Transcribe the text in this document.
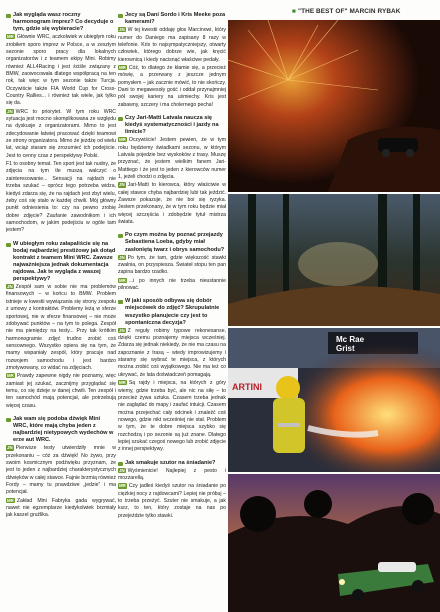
■ "THE BEST OF" MARCIN RYBAK
Jak wygląda wasz roczny harmonogram imprez? Co decyduje o tym, gdzie się wybieracie?
MR Głównie WRC, aczkolwiek w ubiegłym roku zrobiłem sporo imprez w Polsce, a w zeszłym sezonie sporo pracy dla lokalnych organizatorów i z teamem ekipy Mini. Robimy również ALL4Racing i jest ściśle związany z BMW, zaowocowała dlatego współpracą na ten rok, tak więc w tym sezonie także Turcja. Oczywiście także FIA World Cup for Cross-Country Rallies... i również tak wiele, jak tylko się da.
JN WRC to priorytet. W tym roku WRC sytuacja jest mocno skomplikowana ze względu na dyskusje z organizatorami. Mimo to jest zdecydowanie łatwiej pracować dzięki teamowi ze strony organizatora. Mimo że jeżdżę od wielu lat, wciąż staram się zrozumieć ich podejście. Jest to cenny czas z perspektywy Polski.
F1 to osobny temat. Ten sport jest tak nudny, że zdjęcia na tym tle muszą walczyć o zainteresowanie... Sensacji na rajdach nie trzeba szukać – oprócz tego potrzeba widza, kiedyś zdarza się, że na rajdach jest zbyt wielu, żeby coś się stało w każdej chwili. Mój główny punkt odniesienia to: czy na pewno zrobię dobre zdjęcie? Zaufanie zawodnikom i ich samochodom, w jakim podejściu w ogóle tam jestem?
W ubiegłym roku załapaliście się na bodaj najbardziej prestiżowy jak dotąd kontrakt z teamem Mini WRC. Zawsze najważniejsza jednak dokumentacja rajdowa. Jak te wygląda z waszej perspektywy?
JN Zespół sam w sobie nie ma problemów finansowych – w końcu to BMW. Problem istnieje w kwestii wywiązania się strony zespołu z umowy z kontraktów. Problemy leżą w sferze sportowej, nie w sferze finansowej – nie może zdobywać punktów – na tym to polega. Zespół nie ma pieniędzy na testy... Przy tak krótkim harmonogramie zdjęć trudno zrobić coś sensownego. Wszystko opiera się na tym, że mamy wspaniały zespół, który pracuje nad rozwojem samochodu i jest bardzo zmotywowany, co widać na zdjęciach.
MR Prawdy zapewne nigdy nie poznamy, więc zamiast jej szukać, zacznijmy przyglądać się temu, co się dzieje w danej chwili. Ten zespół i ten samochód mają potencjał, ale potrzebują więcej czasu.
Jak wam się podoba dźwięk Mini WRC, które mają chyba jeden z najbardziej nietypowych wydechów w erze aut WRC.
JN Pierwsze testy utwierdziły mnie w przekonaniu – cóż za dźwięk! No żywo, przy swoim kosmicznym podźwięku przyznam, że jest to jeden z najbardziej charakterystycznych dźwięków w całej stawce. Fajnie brzmią również Fordy – mamy tu prawdziwe „jedzie” i ma potencjał.
MR Zakład Mini Fabryka gada wygrywać, nawet nie egzemplarze kiedykolwiek brzmiały jak kaszel gruźlika.
Jecy są Dani Sordo i Kris Meeke poza kamerami?
JN W tej kwestii oddaję głos Marcinowi, który numer do Daniego ma zapisany 8 razy w telefonie. Kris to najsympatyczniejszy, otwarty człowiek, którego dobrze wie, jak kręcić kierownicą i kiedy nacisnąć właściwe pedały.
MR Cóż, to dlatego że kłamie się, a przecież mówię, a przerwany z jeszcze jednym pomysłem – jak zacznie mówić, to nie skończy. Dani to megawesoły gość i oddał przynajmniej pół swojej kariery na uśmiechy. Kris jest zabawny, szczery i ma cholernego pecha!
Czy Jari-Matti Latvala naucza się kiedyś systematyczności i jazdy na limicie?
MR Oczywiście! Jestem pewien, że w tym roku będziemy świadkami sezonu, w którym Latvala pojedzie bez wyskoków z trasy. Muszę przyznać, że jestem wielkim fanem Jari-Mattiego i że jest to jeden z kierowców numer 1, jeżeli chodzi o zdjęcia.
JN Jari-Matti to kierowca, który właściwie w całej stawce chyba najbardziej lubi tak jeździć. Zawsze pokazuje, że nie boi się ryzyka. Jestem przekonany, że w tym roku będzie miał więcej szczęścia i zdobędzie tytuł mistrza świata.
Po czym można by poznać przejazdy Sebastiena Loeba, gdyby miał zasłoniętą twarz i obrys samochodu?
JN Po tym, że tam, gdzie większość stawki zwalnia, on przyspiesza. Świateł stopu ten pan zapina bardzo rzadko.
MR ...i po innych nie trzeba nieustannie pilnować.
W jaki sposób odbywa się dobór miejscówek do zdjęć? Skrupulatnie wszystko planujecie czy jest to spontaniczna decyzja?
JN Z reguły robimy typowe rekonesanse, dzięki czemu poznajemy miejsca wcześniej. Zdarza się jednak niekiedy, że nie ma czasu na zapoznanie z trasą – wtedy improwizujemy i staramy się wybrać te miejsca, z których można zrobić coś wyjątkowego. Nie ma też co ukrywać, że lata doświadczeń pomagają.
MR Są rajdy i miejsca, na których z góry wiemy, gdzie trzeba być, ale nic na siłę – to przecież żywa sztuka. Czasem trzeba jednak nie zaglądać do mapy i zaufać intuicji. Czasem można przejechać cały odcinek i znaleźć coś nowego, gdzie nikt wcześniej nie stał. Problem w tym, że te dobre miejsca szybko się rozchodzą i po sezonie są już znane. Dlatego lepiej szukać czegoś nowego lub zrobić zdjęcie z innej perspektywy.
Jak smakuje szutor na śniadanie?
JN Wyśmienicie! Najlepiej z pesto i mozzarellą.
MR Czy jadłeś kiedyś szutor na śniadanie po ciężkiej nocy z rajdowcami? Lepiej nie próbuj – to trzeba przeżyć. Szuter nie smakuje, a jak kurz, to ten, który zostaje na nas po przejeździe tylko stawki.
